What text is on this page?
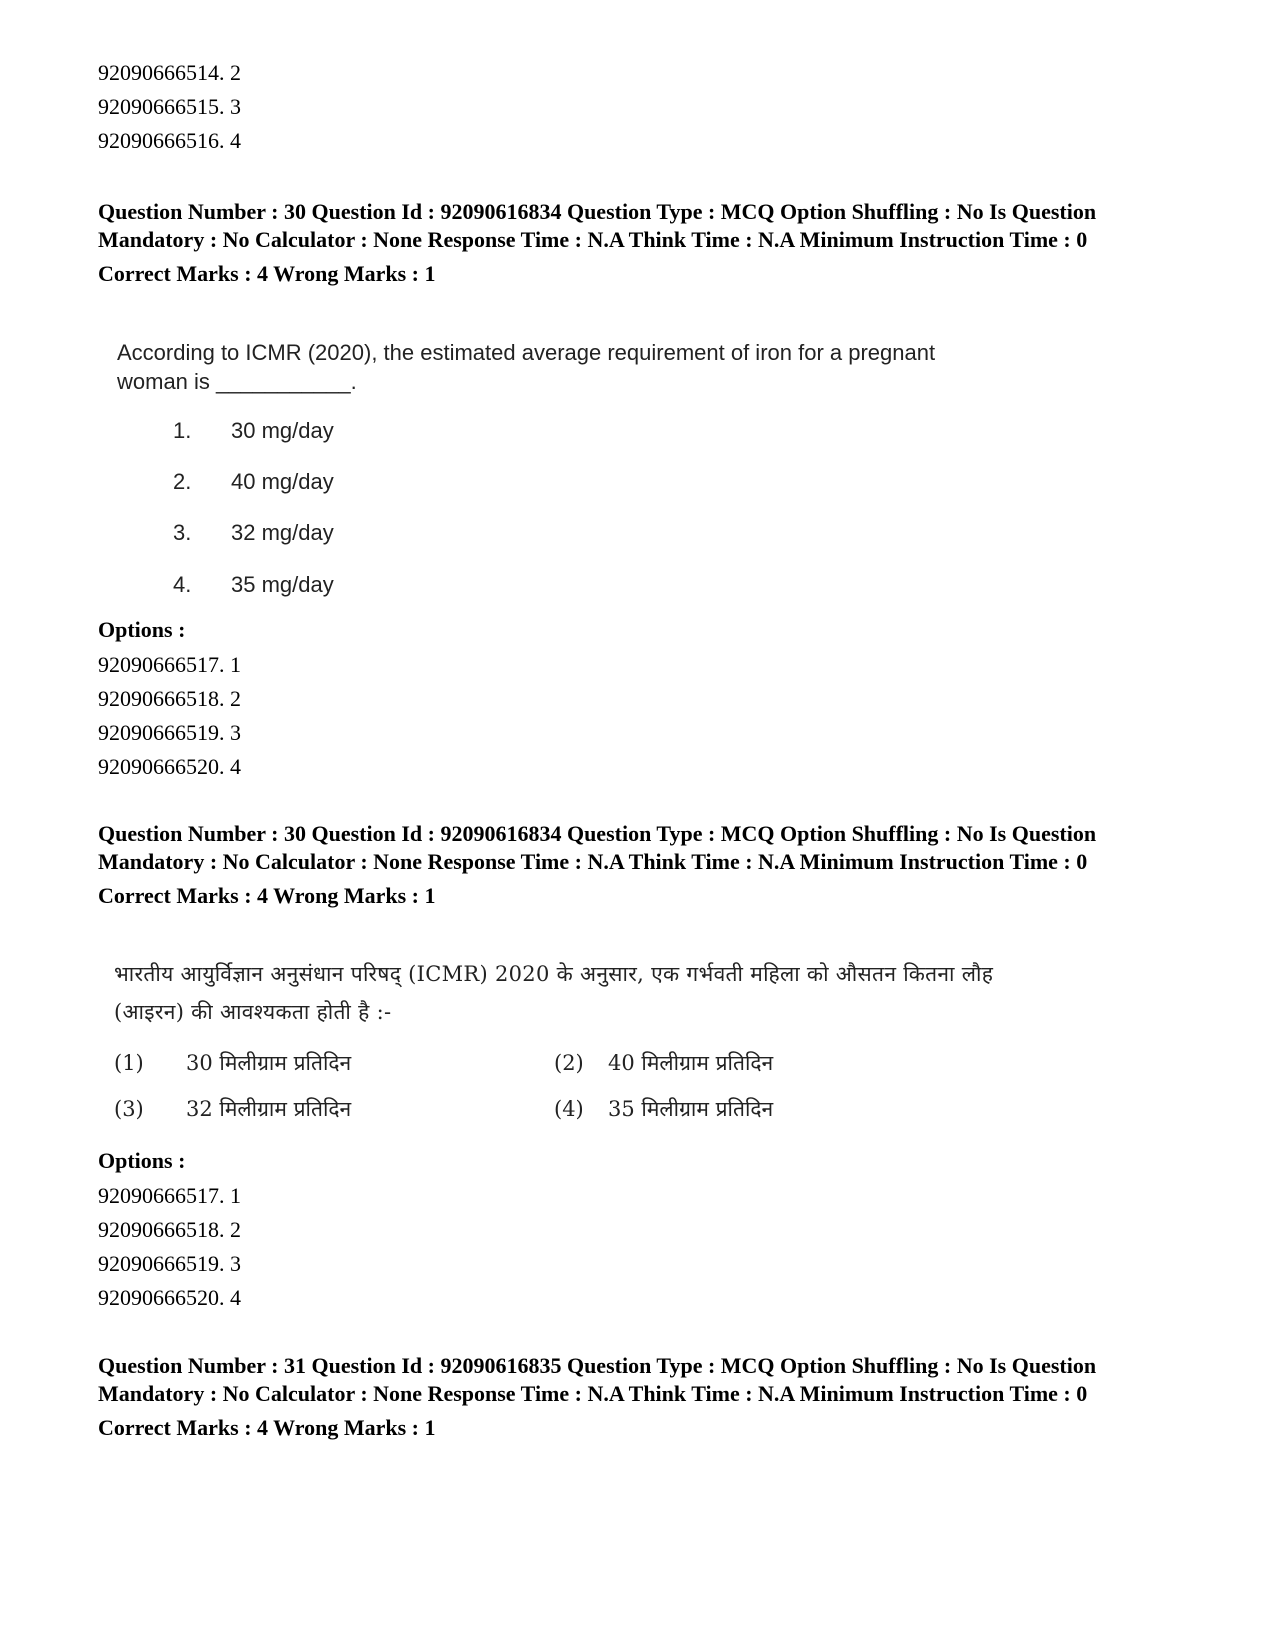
92090666514. 2

92090666515. 3

92090666516. 4

Question Number : 30 Question Id : 92090616834 Question Type : MCQ Option Shuffling : No Is Question Mandatory : No Calculator : None Response Time : N.A Think Time : N.A Minimum Instruction Time : 0

Correct Marks : 4 Wrong Marks : 1

According to ICMR (2020), the estimated average requirement of iron for a pregnant woman is ___________.

1. 30 mg/day
2. 40 mg/day
3. 32 mg/day
4. 35 mg/day

Options :

92090666517. 1

92090666518. 2

92090666519. 3

92090666520. 4

Question Number : 30 Question Id : 92090616834 Question Type : MCQ Option Shuffling : No Is Question Mandatory : No Calculator : None Response Time : N.A Think Time : N.A Minimum Instruction Time : 0

Correct Marks : 4 Wrong Marks : 1

भारतीय आयुर्विज्ञान अनुसंधान परिषद् (ICMR) 2020 के अनुसार, एक गर्भवती महिला को औसतन कितना लौह (आइरन) की आवश्यकता होती है :-

(1) 30 मिलीग्राम प्रतिदिन	(2) 40 मिलीग्राम प्रतिदिन
(3) 32 मिलीग्राम प्रतिदिन	(4) 35 मिलीग्राम प्रतिदिन

Options :

92090666517. 1

92090666518. 2

92090666519. 3

92090666520. 4

Question Number : 31 Question Id : 92090616835 Question Type : MCQ Option Shuffling : No Is Question Mandatory : No Calculator : None Response Time : N.A Think Time : N.A Minimum Instruction Time : 0

Correct Marks : 4 Wrong Marks : 1
